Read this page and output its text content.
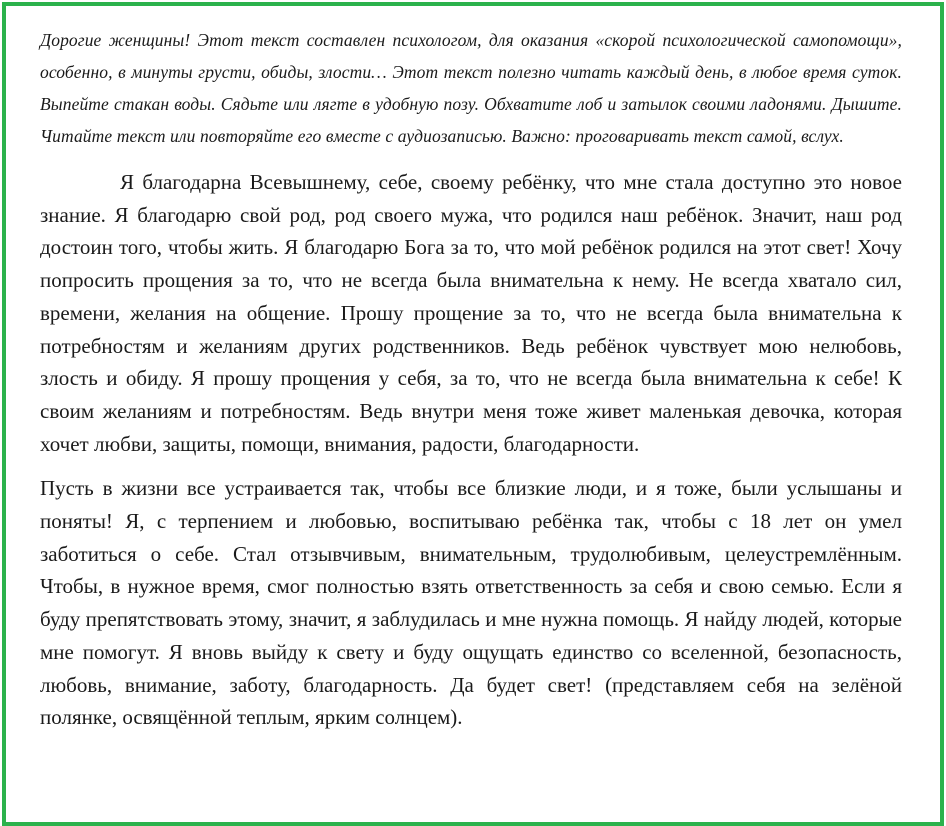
Дорогие женщины! Этот текст составлен психологом, для оказания «скорой психологической самопомощи», особенно, в минуты грусти, обиды, злости… Этот текст полезно читать каждый день, в любое время суток. Выпейте стакан воды. Сядьте или лягте в удобную позу. Обхватите лоб и затылок своими ладонями. Дышите. Читайте текст или повторяйте его вместе с аудиозаписью. Важно: проговаривать текст самой, вслух.

Я благодарна Всевышнему, себе, своему ребёнку, что мне стала доступно это новое знание. Я благодарю свой род, род своего мужа, что родился наш ребёнок. Значит, наш род достоин того, чтобы жить. Я благодарю Бога за то, что мой ребёнок родился на этот свет! Хочу попросить прощения за то, что не всегда была внимательна к нему. Не всегда хватало сил, времени, желания на общение. Прошу прощение за то, что не всегда была внимательна к потребностям и желаниям других родственников. Ведь ребёнок чувствует мою нелюбовь, злость и обиду. Я прошу прощения у себя, за то, что не всегда была внимательна к себе! К своим желаниям и потребностям. Ведь внутри меня тоже живет маленькая девочка, которая хочет любви, защиты, помощи, внимания, радости, благодарности.

Пусть в жизни все устраивается так, чтобы все близкие люди, и я тоже, были услышаны и поняты! Я, с терпением и любовью, воспитываю ребёнка так, чтобы с 18 лет он умел заботиться о себе. Стал отзывчивым, внимательным, трудолюбивым, целеустремлённым. Чтобы, в нужное время, смог полностью взять ответственность за себя и свою семью. Если я буду препятствовать этому, значит, я заблудилась и мне нужна помощь. Я найду людей, которые мне помогут. Я вновь выйду к свету и буду ощущать единство со вселенной, безопасность, любовь, внимание, заботу, благодарность. Да будет свет! (представляем себя на зелёной полянке, освящённой теплым, ярким солнцем).
